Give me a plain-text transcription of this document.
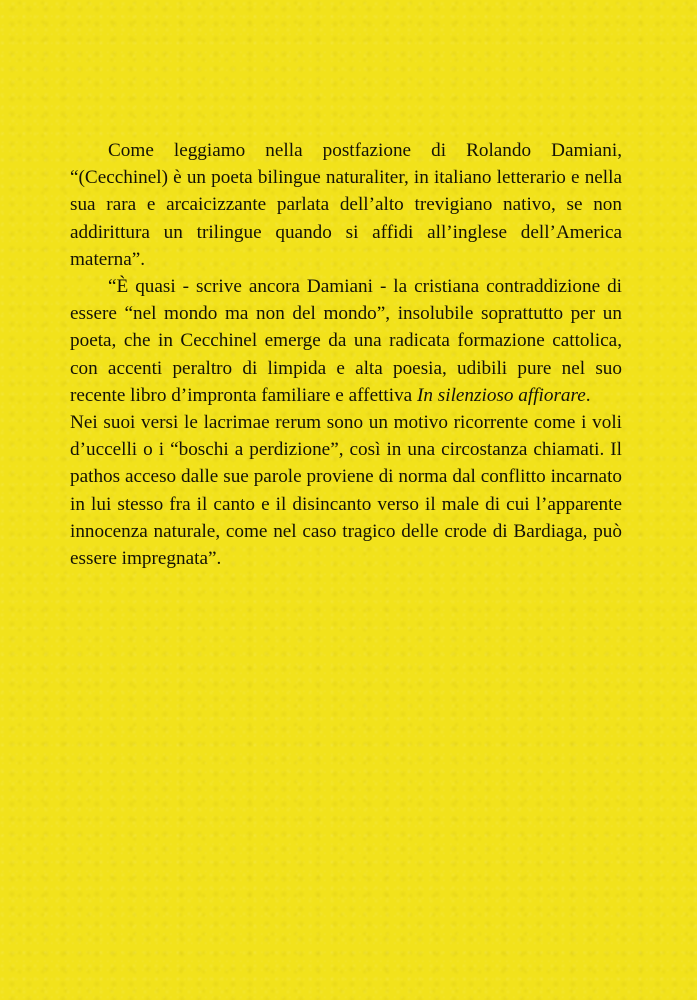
Come leggiamo nella postfazione di Rolando Damiani, “(Cecchinel) è un poeta bilingue naturaliter, in italiano letterario e nella sua rara e arcaicizzante parlata dell’alto trevigiano nativo, se non addirittura un trilingue quando si affidi all’inglese dell’America materna”.

“È quasi - scrive ancora Damiani - la cristiana contraddizione di essere “nel mondo ma non del mondo”, insolubile soprattutto per un poeta, che in Cecchinel emerge da una radicata formazione cattolica, con accenti peraltro di limpida e alta poesia, udibili pure nel suo recente libro d’impronta familiare e affettiva In silenzioso affiorare.

Nei suoi versi le lacrimae rerum sono un motivo ricorrente come i voli d’uccelli o i “boschi a perdizione”, così in una circostanza chiamati. Il pathos acceso dalle sue parole proviene di norma dal conflitto incarnato in lui stesso fra il canto e il disincanto verso il male di cui l’apparente innocenza naturale, come nel caso tragico delle crode di Bardiaga, può essere impregnata”.
